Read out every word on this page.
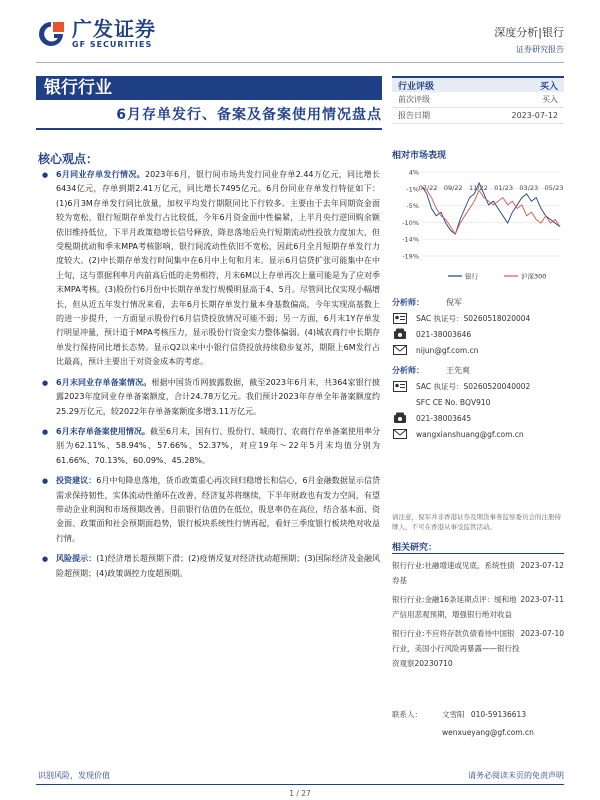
广发证券
GF SECURITIES
深度分析|银行
证券研究报告
银行行业
6月存单发行、备案及备案使用情况盘点
核心观点：
● 6月同业存单发行情况。2023年6月，银行间市场共发行同业存单2.44万亿元，同比增长6434亿元，存单到期2.41万亿元，同比增长7495亿元。6月份同业存单发行特征如下：(1)6月3M存单发行同比放量，加权平均发行期限同比下行较多。主要由于去年同期资金面较为宽松，银行短期存单发行占比较低，今年6月资金面中性偏紧，上半月央行逆回购余额依旧维持低位，下半月政策稳增长信号释放，降息落地后央行短期流动性投放力度加大，但受税期扰动和季末MPA考核影响，银行间流动性依旧不宽松，因此6月全月短期存单发行力度较大。(2)中长期存单发行时间集中在6月中上旬和月末。显示6月信贷扩张可能集中在中上旬，这与票据利率月内前高后低的走势相符，月末6M以上存单再次上量可能是为了应对季末MPA考核。(3)股份行6月份中长期存单发行规模明显高于4、5月。尽管同比仅实现小幅增长，但从近五年发行情况来看，去年6月长期存单发行量本身基数偏高，今年实现高基数上的进一步提升，一方面显示股份行6月信贷投放情况可能不弱；另一方面，6月末1Y存单发行明显冲量，预计追于MPA考核压力，显示股份行资金实力整体偏弱。(4)城农商行中长期存单发行保持同比增长态势。显示Q2以来中小银行信贷投放持续稳步复苏，期限上6M发行占比最高，预计主要出于对资金成本的考虑。
● 6月末同业存单备案情况。根据中国货币网披露数据，截至2023年6月末，共364家银行披露2023年度同业存单备案额度，合计24.78万亿元。我们预计2023年存单全年备案额度约25.29万亿元，较2022年存单备案额度多增3.11万亿元。
● 6月末存单备案使用情况。截至6月末，国有行、股份行、城商行、农商行存单备案使用率分别为62.11%、58.94%、57.66%、52.37%，对应19年～22年5月末均值分别为61.66%、70.13%、60.09%、45.28%。
● 投资建议：6月中旬降息落地，货币政策重心再次回归稳增长和信心，6月金融数据显示信贷需求保持韧性，实体流动性循环在改善，经济复苏将继续，下半年财政也有发力空间，有望带动企业利润和市场预期改善。目前银行估值仍在低位，股息率仍在高位，结合基本面、资金面、政策面和社会预期面趋势，银行板块系统性行情再起，看好三季度银行板块绝对收益行情。
● 风险提示：(1)经济增长超预期下滑；(2)疫情反复对经济扰动超预期；(3)国际经济及金融风险超预期；(4)政策调控力度超预期。
行业评级	买入
前次评级	买入
报告日期	2023-07-12
相对市场表现
4%
-1%
-5%
-10%
-14%
-19%
07/22 09/22 11/22 01/23 03/23 05/23
银行	沪深300
分析师：	倪军
SAC 执证号：S0260518020004
021-38003646
nijun@gf.com.cn
分析师：	王先爽
SAC 执证号：S0260520040002
SFC CE No. BQV910
021-38003645
wangxianshuang@gf.com.cn
请注意，倪军并非香港证券及期货事务监察委员会的注册持牌人，不可在香港从事受监管活动。
相关研究：
银行行业:社融增速或见底，系统性债券基
2023-07-12
银行行业:金融16条延期点评：缓和地产信用悲观预期，增强银行绝对收益
2023-07-11
银行行业:不应将存款负债看待中国银行业，美国小行风险再暴露——银行投资观察20230710
2023-07-10
联系人：	文雪阳 010-59136613
wenxueyang@gf.com.cn
识别风险，发现价值	请务必阅读末页的免责声明
1 / 27
